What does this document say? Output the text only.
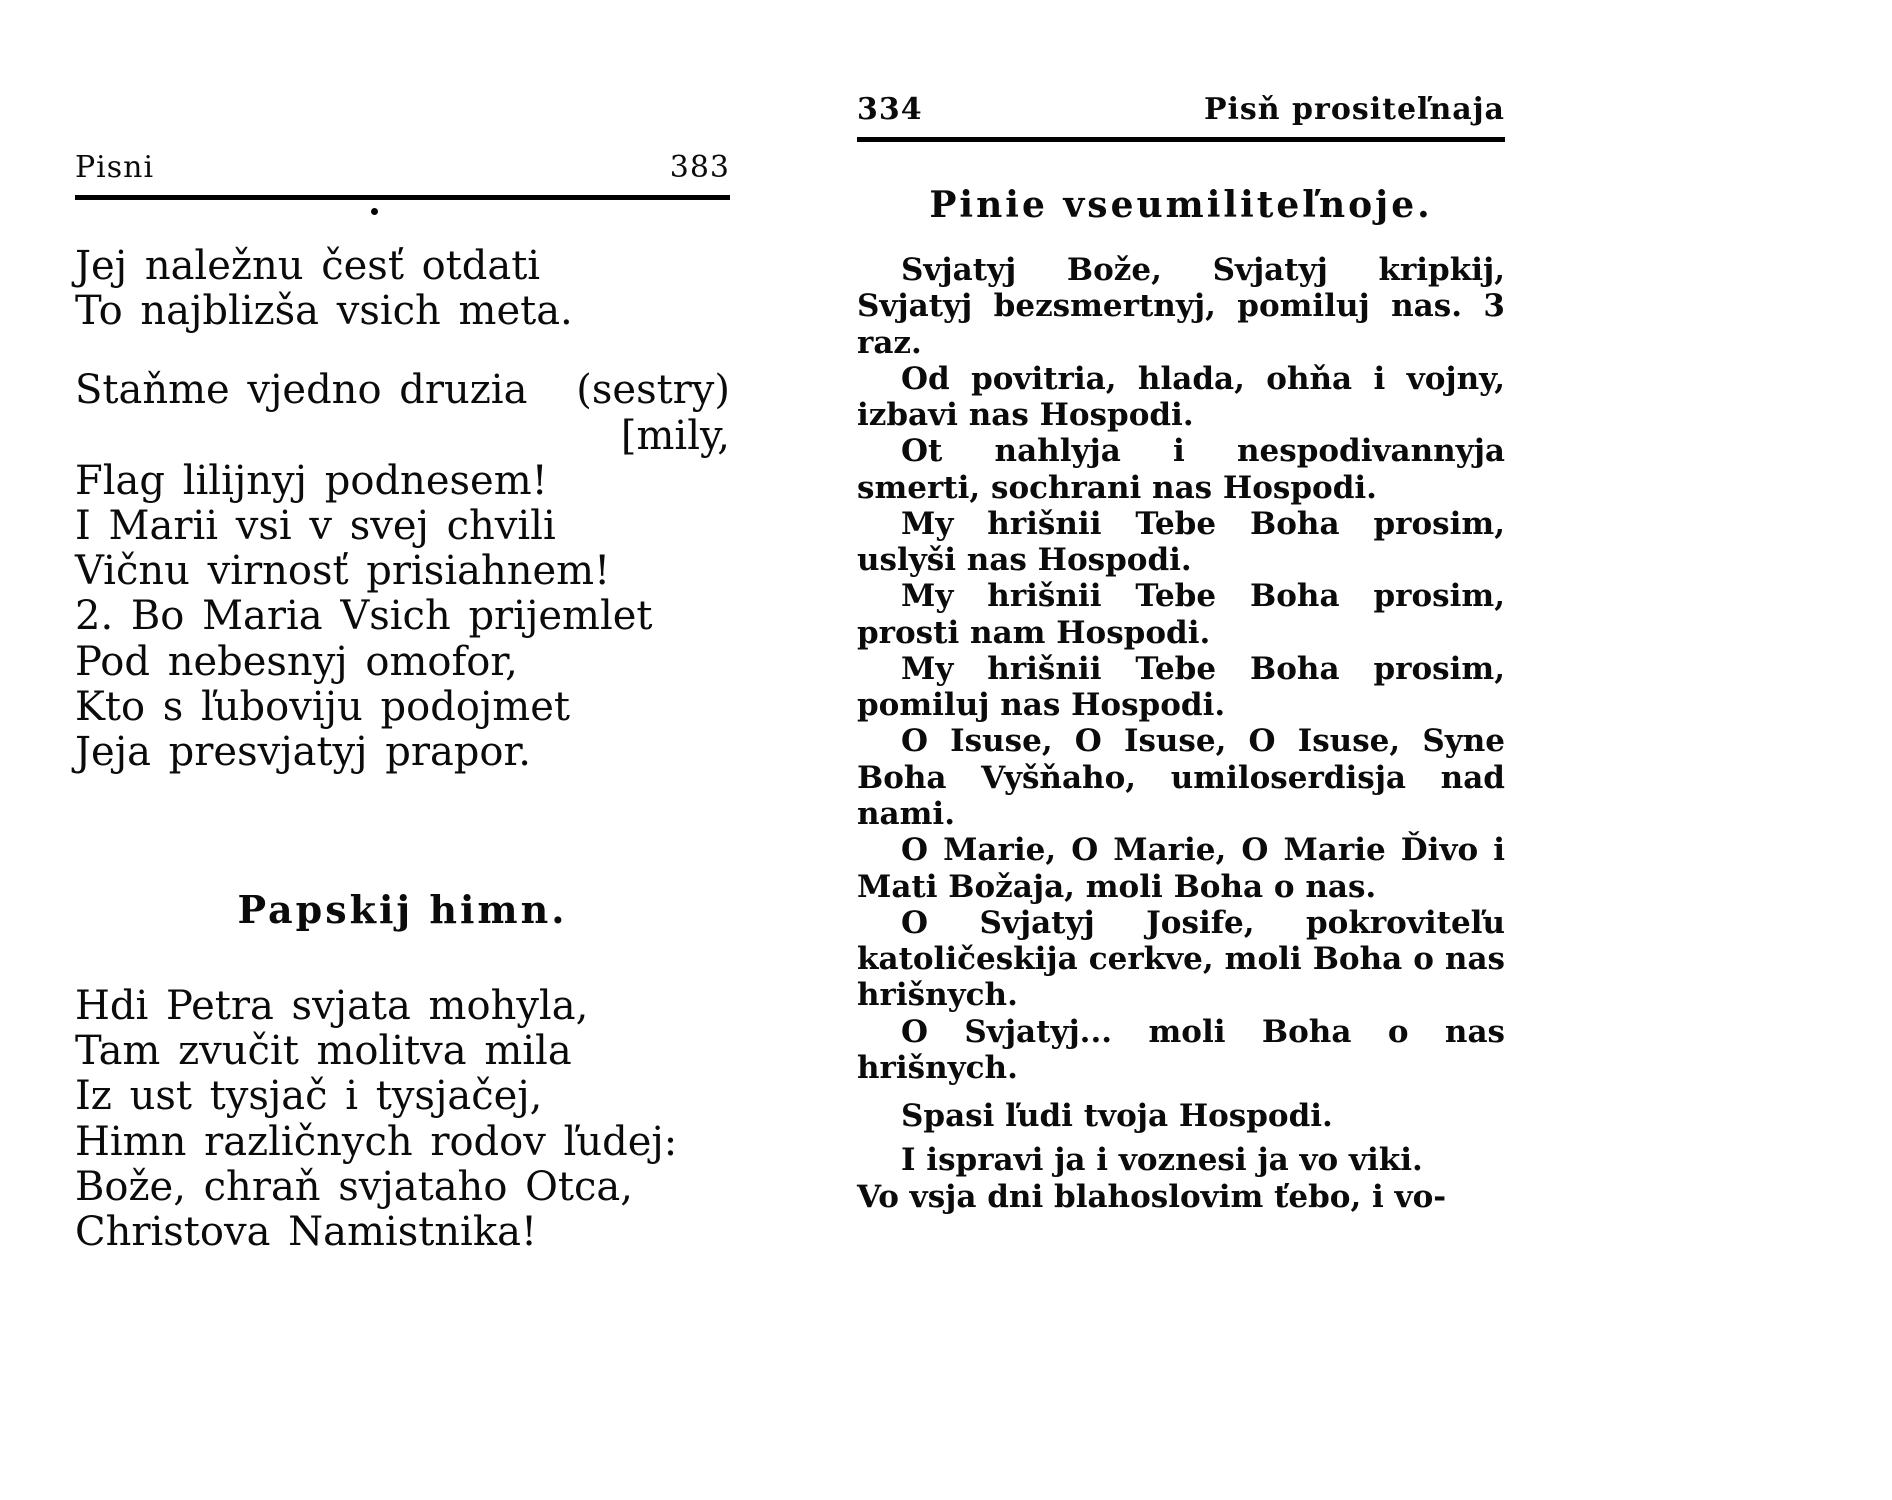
Pisni	383
Jej naležnu česť otdati
To najblizša vsich meta.
Staňme vjedno druzia (sestry)
[mily,
Flag lilijnyj podnesem!
I Marii vsi v svej chvili
Vičnu virnosť prisiahnem!
2. Bo Maria Vsich prijemlet
Pod nebesnyj omofor,
Kto s ľuboviju podojmet
Jeja presvjatyj prapor.
Papskij himn.
Hdi Petra svjata mohyla,
Tam zvučit molitva mila
Iz ust tysjač i tysjačej,
Himn različnych rodov ľudej:
Bože, chraň svjataho Otca,
Christova Namistnika!
334	Pisň prositeľnaja
Pinie vseumiliteľnoje.

Svjatyj Bože, Svjatyj kripkij, Svjatyj bezsmertnyj, pomiluj nas. 3 raz.

Od povitria, hlada, ohňa i vojny, izbavi nas Hospodi.

Ot nahlyja i nespodivannyja smerti, sochrani nas Hospodi.

My hrišnii Tebe Boha prosim, uslyši nas Hospodi.

My hrišnii Tebe Boha prosim, prosti nam Hospodi.

My hrišnii Tebe Boha prosim, pomiluj nas Hospodi.

O Isuse, O Isuse, O Isuse, Syne Boha Vyšňaho, umiloserdisja nad nami.

O Marie, O Marie, O Marie Ďivo i Mati Božaja, moli Boha o nas.

O Svjatyj Josife, pokroviteľu katoličeskija cerkve, moli Boha o nas hrišnych.

O Svjatyj... moli Boha o nas hrišnych.

Spasi ľudi tvoja Hospodi.

I ispravi ja i voznesi ja vo viki.

Vo vsja dni blahoslovim ťebo, i vo-
